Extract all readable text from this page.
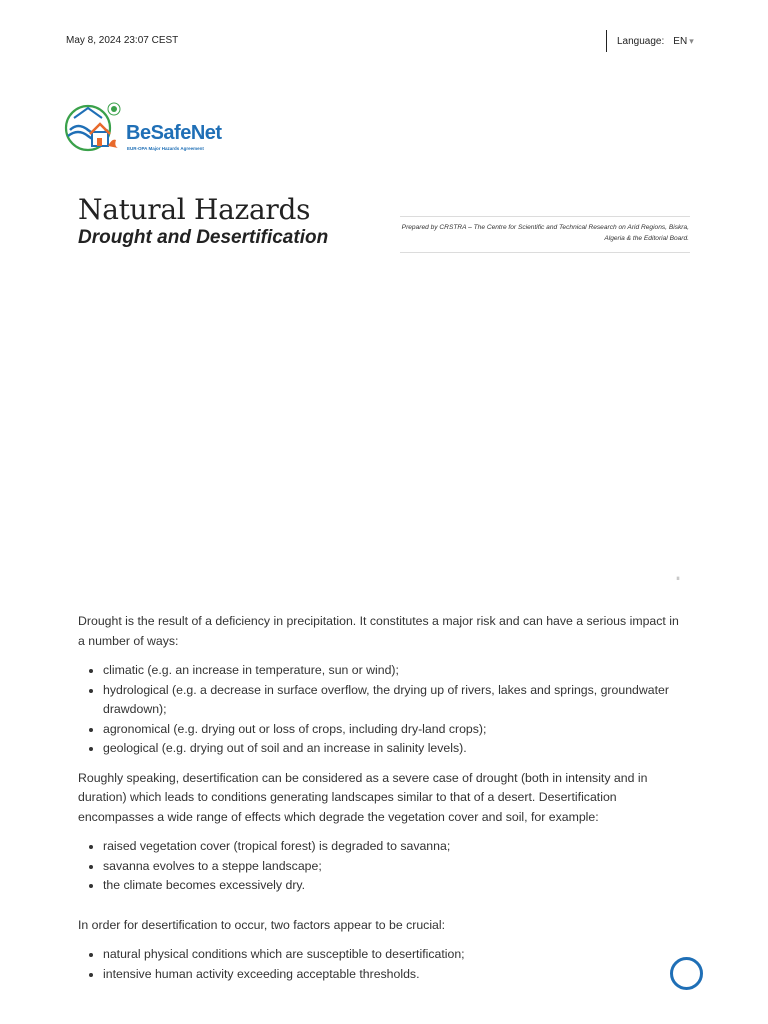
May 8, 2024 23:07 CEST	Language: EN ▾
BeSafeNet
EUR-OPA Major Hazards Agreement
Natural Hazards
Drought and Desertification	Prepared by CRSTRA – The Centre for Scientific and Technical Research on Arid Regions, Biskra, Algeria & the Editorial Board.
⏸

Drought is the result of a deficiency in precipitation. It constitutes a major risk and can have a serious impact in a number of ways:

• climatic (e.g. an increase in temperature, sun or wind);
• hydrological (e.g. a decrease in surface overflow, the drying up of rivers, lakes and springs, groundwater drawdown);
• agronomical (e.g. drying out or loss of crops, including dry-land crops);
• geological (e.g. drying out of soil and an increase in salinity levels).

Roughly speaking, desertification can be considered as a severe case of drought (both in intensity and in duration) which leads to conditions generating landscapes similar to that of a desert. Desertification encompasses a wide range of effects which degrade the vegetation cover and soil, for example:

• raised vegetation cover (tropical forest) is degraded to savanna;
• savanna evolves to a steppe landscape;
• the climate becomes excessively dry.

In order for desertification to occur, two factors appear to be crucial:

• natural physical conditions which are susceptible to desertification;
• intensive human activity exceeding acceptable thresholds.
